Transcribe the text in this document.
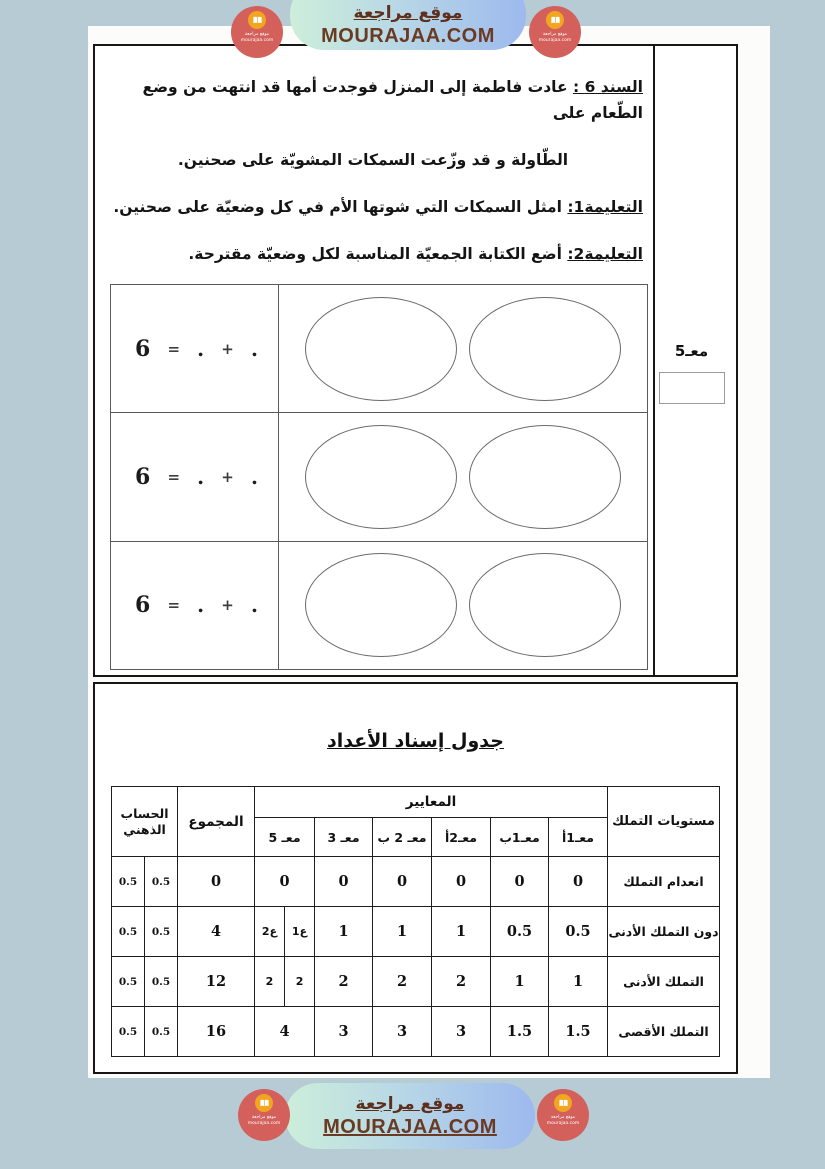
موقع مراجعة
MOURAJAA.COM
موقع مراجعة
mourajaa.com
موقع مراجعة
mourajaa.com
السند 6 : عادت فاطمة إلى المنزل فوجدت أمها قد انتهت من وضع الطّعام على
الطّاولة و قد وزّعت السمكات المشويّة على صحنين.
التعليمة1: امثل السمكات التي شوتها الأم في كل وضعيّة على صحنين.
التعليمة2: أضع الكتابة الجمعيّة المناسبة لكل وضعيّة مقترحة.
6 = . + .
6 = . + .
6 = . + .
معـ5
جدول إسناد الأعداد
مستويات التملك	المعايير							المجموع	الحساب الذهني	
	معـ1أ	معـ1ب	معـ2أ	معـ 2 ب	معـ 3	معـ 5				
انعدام التملك	0	0	0	0	0	0		0	0.5	0.5
دون التملك الأدنى	0.5	0.5	1	1	1	ع1	ع2	4	0.5	0.5
التملك الأدنى	1	1	2	2	2	2	2	12	0.5	0.5
التملك الأقصى	1.5	1.5	3	3	3	4		16	0.5	0.5
موقع مراجعة
MOURAJAA.COM
موقع مراجعة
mourajaa.com
موقع مراجعة
mourajaa.com
